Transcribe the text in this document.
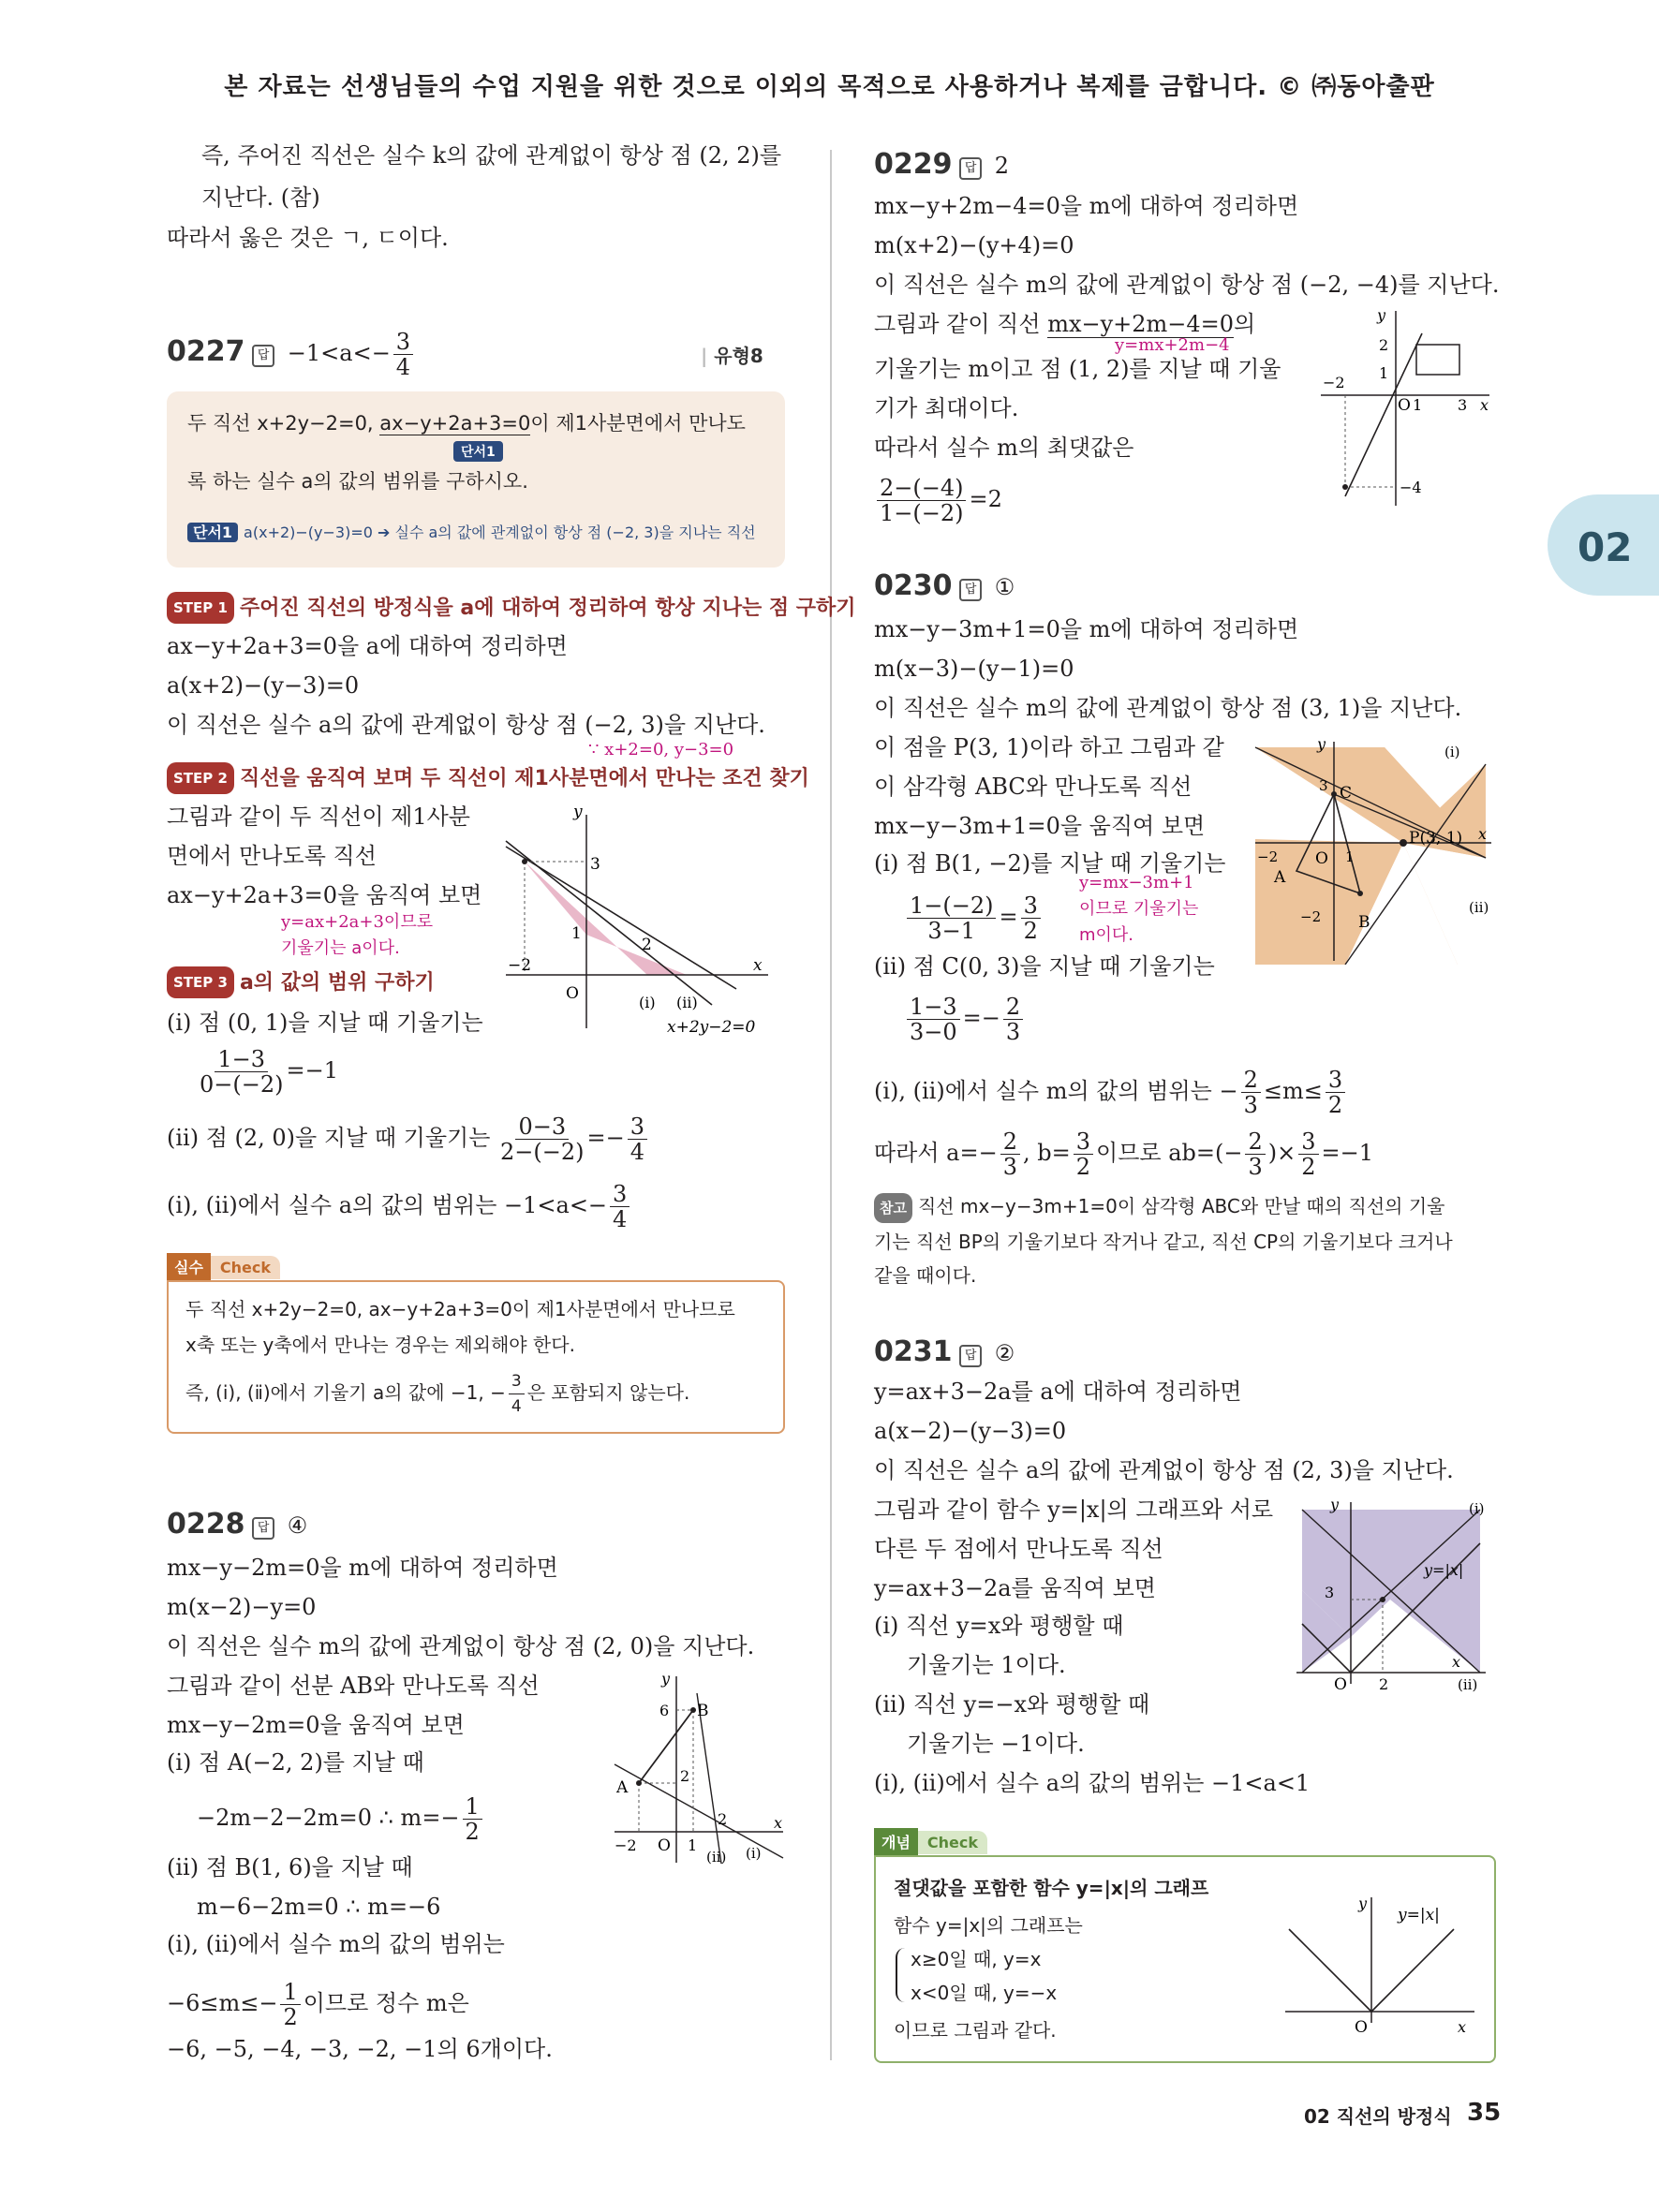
본 자료는 선생님들의 수업 지원을 위한 것으로 이외의 목적으로 사용하거나 복제를 금합니다. © ㈜동아출판
02
즉, 주어진 직선은 실수 k의 값에 관계없이 항상 점 (2, 2)를
지난다. (참)
따라서 옳은 것은 ㄱ, ㄷ이다.
0227 답 $-1<a<- \frac{3}{4}$	| 유형8
두 직선 x+2y−2=0, ax−y+2a+3=0이 제1사분면에서 만나도
단서1
록 하는 실수 a의 값의 범위를 구하시오.
단서1 a(x+2)−(y−3)=0 ➔ 실수 a의 값에 관계없이 항상 점 (−2, 3)을 지나는 직선
STEP 1 주어진 직선의 방정식을 a에 대하여 정리하여 항상 지나는 점 구하기
ax−y+2a+3=0을 a에 대하여 정리하면
a(x+2)−(y−3)=0
이 직선은 실수 a의 값에 관계없이 항상 점 (−2, 3)을 지난다.
∵ x+2=0, y−3=0
STEP 2 직선을 움직여 보며 두 직선이 제1사분면에서 만나는 조건 찾기
그림과 같이 두 직선이 제1사분
면에서 만나도록 직선
ax−y+2a+3=0을 움직여 보면
y=ax+2a+3이므로
기울기는 a이다.
STEP 3 a의 값의 범위 구하기
(ⅰ) 점 (0, 1)을 지날 때 기울기는
$\frac{1-3}{0-(-2)} =-1$
(ⅱ) 점 (2, 0)을 지날 때 기울기는 $\frac{0-3}{2-(-2)} =- \frac{3}{4}$
(ⅰ), (ⅱ)에서 실수 a의 값의 범위는 $-1<a<- \frac{3}{4}$
y
x
O
3
1
2
−2
(ⅰ) (ⅱ)
x+2y−2=0
실수 Check
두 직선 x+2y−2=0, ax−y+2a+3=0이 제1사분면에서 만나므로
x축 또는 y축에서 만나는 경우는 제외해야 한다.
즉, (ⅰ), (ⅱ)에서 기울기 a의 값에 −1, − $\frac{3}{4}$ 은 포함되지 않는다.
0228 답 ④
mx−y−2m=0을 m에 대하여 정리하면
m(x−2)−y=0
이 직선은 실수 m의 값에 관계없이 항상 점 (2, 0)을 지난다.
그림과 같이 선분 AB와 만나도록 직선
mx−y−2m=0을 움직여 보면
(ⅰ) 점 A(−2, 2)를 지날 때
−2m−2−2m=0 ∴ $m=- \frac{1}{2}$
(ⅱ) 점 B(1, 6)을 지날 때
m−6−2m=0 ∴ m=−6
(ⅰ), (ⅱ)에서 실수 m의 값의 범위는
$-6\le m\le- \frac{1}{2}$ 이므로 정수 m은
−6, −5, −4, −3, −2, −1의 6개이다.
y
x
O
B
A
6
2
2
−2	1	(ⅰ)
(ⅱ)
0229 답 2
mx−y+2m−4=0을 m에 대하여 정리하면
m(x+2)−(y+4)=0
이 직선은 실수 m의 값에 관계없이 항상 점 (−2, −4)를 지난다.
그림과 같이 직선 mx−y+2m−4=0의
y=mx+2m−4
기울기는 m이고 점 (1, 2)를 지날 때 기울
기가 최대이다.
따라서 실수 m의 최댓값은
$\frac{2-(-4)}{1-(-2)} =2$
y
x
O
2
1
−2
1 3
−4
0230 답 ①
mx−y−3m+1=0을 m에 대하여 정리하면
m(x−3)−(y−1)=0
이 직선은 실수 m의 값에 관계없이 항상 점 (3, 1)을 지난다.
이 점을 P(3, 1)이라 하고 그림과 같
이 삼각형 ABC와 만나도록 직선
mx−y−3m+1=0을 움직여 보면
(ⅰ) 점 B(1, −2)를 지날 때 기울기는
y=mx−3m+1
이므로 기울기는
m이다.
$\frac{1-(-2)}{3-1} = \frac{3}{2}$
(ⅱ) 점 C(0, 3)을 지날 때 기울기는
$\frac{1-3}{3-0} =- \frac{2}{3}$
(ⅰ), (ⅱ)에서 실수 m의 값의 범위는 − $\frac{2}{3} \le m\le \frac{3}{2}$
따라서 $a=- \frac{2}{3}$ , $b= \frac{3}{2}$ 이므로 $ab=(- \frac{2}{3}$ )× $\frac{3}{2} =-1$
참고 직선 mx−y−3m+1=0이 삼각형 ABC와 만날 때의 직선의 기울
기는 직선 BP의 기울기보다 작거나 같고, 직선 CP의 기울기보다 크거나
같을 때이다.
y
x
O
C
3
P(3, 1)
−2	1
A
−2 B
(ⅰ)
(ⅱ)
0231 답 ②
y=ax+3−2a를 a에 대하여 정리하면
a(x−2)−(y−3)=0
이 직선은 실수 a의 값에 관계없이 항상 점 (2, 3)을 지난다.
그림과 같이 함수 y=|x|의 그래프와 서로
다른 두 점에서 만나도록 직선
y=ax+3−2a를 움직여 보면
(ⅰ) 직선 y=x와 평행할 때
기울기는 1이다.
(ⅱ) 직선 y=−x와 평행할 때
기울기는 −1이다.
(ⅰ), (ⅱ)에서 실수 a의 값의 범위는 −1<a<1
y
x
O
3
2
y=|x|
(ⅰ)
(ⅱ)
개념 Check
절댓값을 포함한 함수 y=|x|의 그래프
함수 y=|x|의 그래프는
x≥0일 때, y=x
x<0일 때, y=−x
이므로 그림과 같다.
y
x
O
y=|x|
02 직선의 방정식 35
